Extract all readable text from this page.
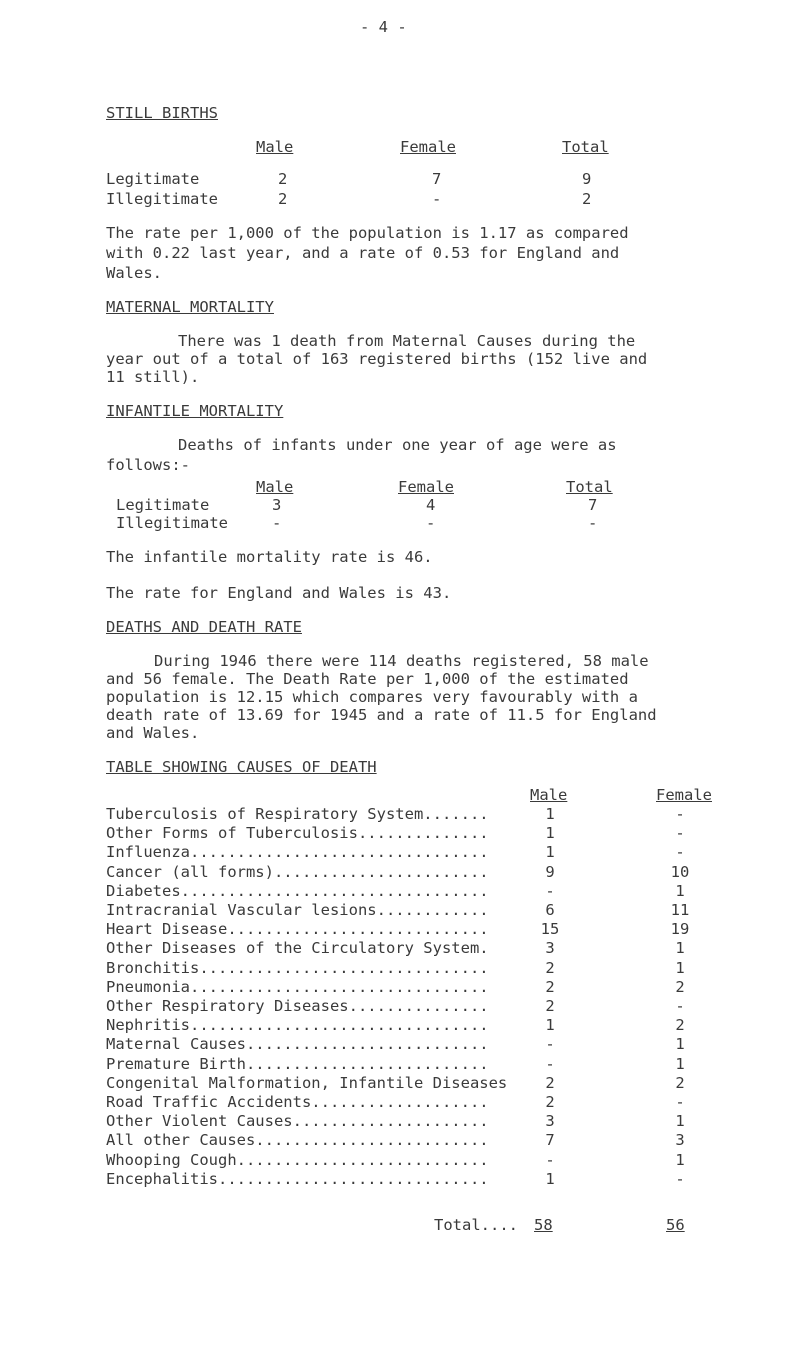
- 4 -
STILL BIRTHS
Male	Female	Total
Legitimate	2	7	9
Illegitimate	2	-	2
The rate per 1,000 of the population is 1.17 as compared
with 0.22 last year, and a rate of 0.53 for England and
Wales.
MATERNAL MORTALITY
There was 1 death from Maternal Causes during the
year out of a total of 163 registered births (152 live and
11 still).
INFANTILE MORTALITY
Deaths of infants under one year of age were as
follows:-
Male	Female	Total
Legitimate	3	4	7
Illegitimate	-	-	-
The infantile mortality rate is 46.
The rate for England and Wales is 43.
DEATHS AND DEATH RATE
During 1946 there were 114 deaths registered, 58 male
and 56 female. The Death Rate per 1,000 of the estimated
population is 12.15 which compares very favourably with a
death rate of 13.69 for 1945 and a rate of 11.5 for England
and Wales.
TABLE SHOWING CAUSES OF DEATH
Male	Female
Tuberculosis of Respiratory System.......	1	-
Other Forms of Tuberculosis..............	1	-
Influenza................................	1	-
Cancer (all forms).......................	9	10
Diabetes.................................	-	1
Intracranial Vascular lesions............	6	11
Heart Disease............................	15	19
Other Diseases of the Circulatory System.	3	1
Bronchitis...............................	2	1
Pneumonia................................	2	2
Other Respiratory Diseases...............	2	-
Nephritis................................	1	2
Maternal Causes..........................	-	1
Premature Birth..........................	-	1
Congenital Malformation, Infantile Diseases	2	2
Road Traffic Accidents...................	2	-
Other Violent Causes.....................	3	1
All other Causes.........................	7	3
Whooping Cough...........................	-	1
Encephalitis.............................	1	-
Total.... 58	56
